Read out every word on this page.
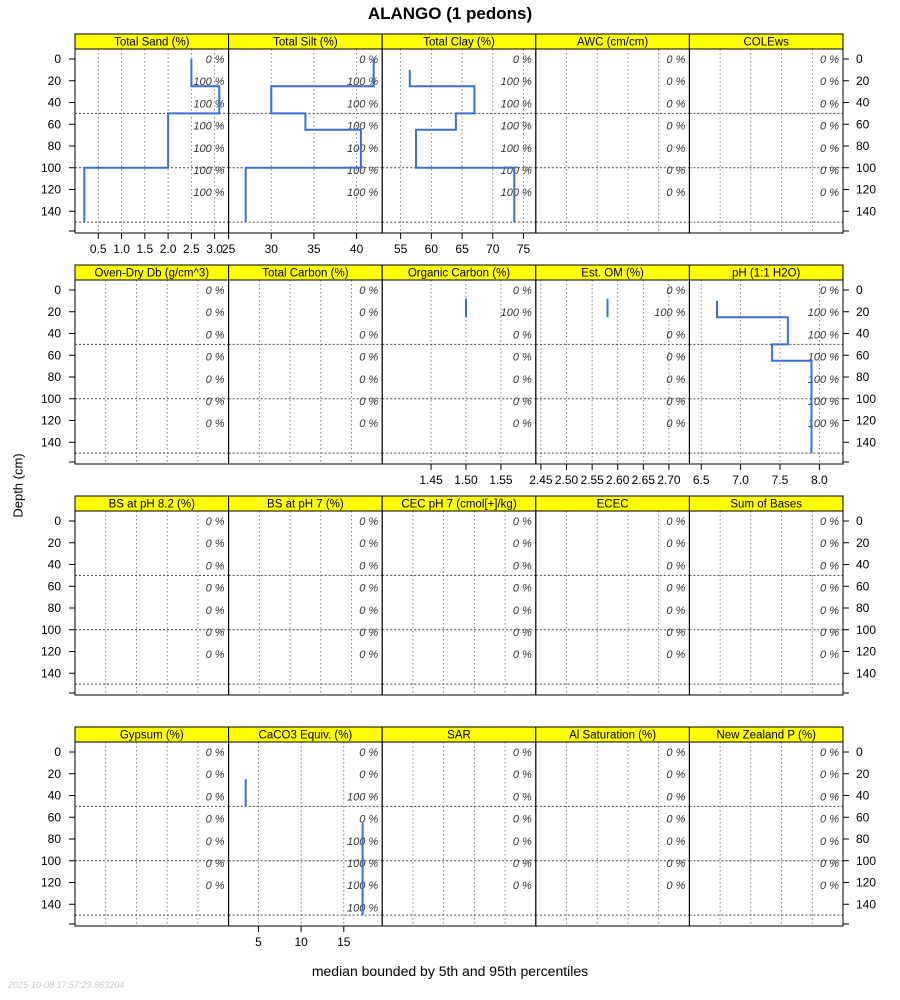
ALANGO (1 pedons)
Depth (cm)
0	0
20	20
40	40
60	60
80	80
100	100
120	120
140	140
Total Sand (%)
0 %
100 %
100 %
100 %
100 %
100 %
100 %
0.5 1.0 1.5 2.0 2.5 3.0
Total Silt (%)
0 %
100 %
100 %
100 %
100 %
100 %
100 %
25 30 35 40
Total Clay (%)
0 %
100 %
100 %
100 %
100 %
100 %
100 %
55 60 65 70 75
AWC (cm/cm)
0 %
0 %
0 %
0 %
0 %
0 %
0 %
COLEws
0 %
0 %
0 %
0 %
0 %
0 %
0 %
0	0
20	20
40	40
60	60
80	80
100	100
120	120
140	140
Oven-Dry Db (g/cm^3)
0 %
0 %
0 %
0 %
0 %
0 %
0 %
Total Carbon (%)
0 %
0 %
0 %
0 %
0 %
0 %
0 %
Organic Carbon (%)
0 %
100 %
0 %
0 %
0 %
0 %
0 %
1.45 1.50 1.55
Est. OM (%)
0 %
100 %
0 %
0 %
0 %
0 %
0 %
2.45 2.50 2.55 2.60 2.65 2.70
pH (1:1 H2O)
0 %
100 %
100 %
100 %
100 %
100 %
100 %
6.5 7.0 7.5 8.0
0	0
20	20
40	40
60	60
80	80
100	100
120	120
140	140
BS at pH 8.2 (%)
0 %
0 %
0 %
0 %
0 %
0 %
0 %
BS at pH 7 (%)
0 %
0 %
0 %
0 %
0 %
0 %
0 %
CEC pH 7 (cmol[+]/kg)
0 %
0 %
0 %
0 %
0 %
0 %
0 %
ECEC
0 %
0 %
0 %
0 %
0 %
0 %
0 %
Sum of Bases
0 %
0 %
0 %
0 %
0 %
0 %
0 %
0	0
20	20
40	40
60	60
80	80
100	100
120	120
140	140
Gypsum (%)
0 %
0 %
0 %
0 %
0 %
0 %
0 %
CaCO3 Equiv. (%)
0 %
0 %
100 %
0 %
100 %
100 %
100 %
100 %
5	10 15
SAR
0 %
0 %
0 %
0 %
0 %
0 %
0 %
Al Saturation (%)
0 %
0 %
0 %
0 %
0 %
0 %
0 %
New Zealand P (%)
0 %
0 %
0 %
0 %
0 %
0 %
0 %
median bounded by 5th and 95th percentiles
2025-10-08 17:57:29.863204
